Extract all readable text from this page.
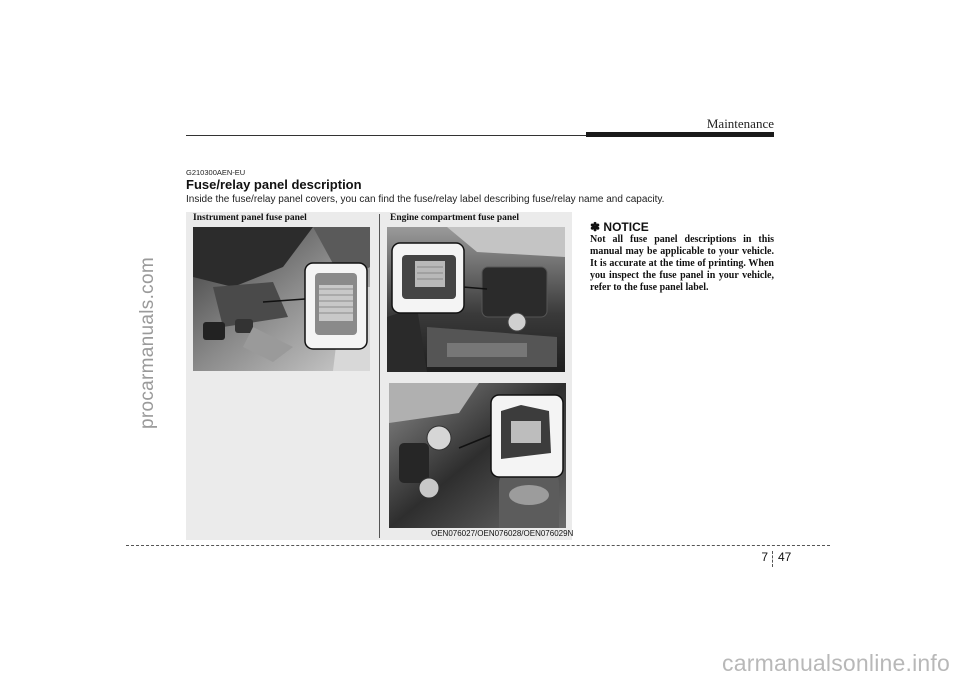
Maintenance
procarmanuals.com
carmanualsonline.info
G210300AEN-EU
Fuse/relay panel description
Inside the fuse/relay panel covers, you can find the fuse/relay label describing fuse/relay name and capacity.
Instrument panel fuse panel	Engine compartment fuse panel
OEN076027/OEN076028/OEN076029N
✽ NOTICE
Not all fuse panel descriptions in this manual may be applicable to your vehicle. It is accurate at the time of printing. When you inspect the fuse panel in your vehicle, refer to the fuse panel label.
7 47
